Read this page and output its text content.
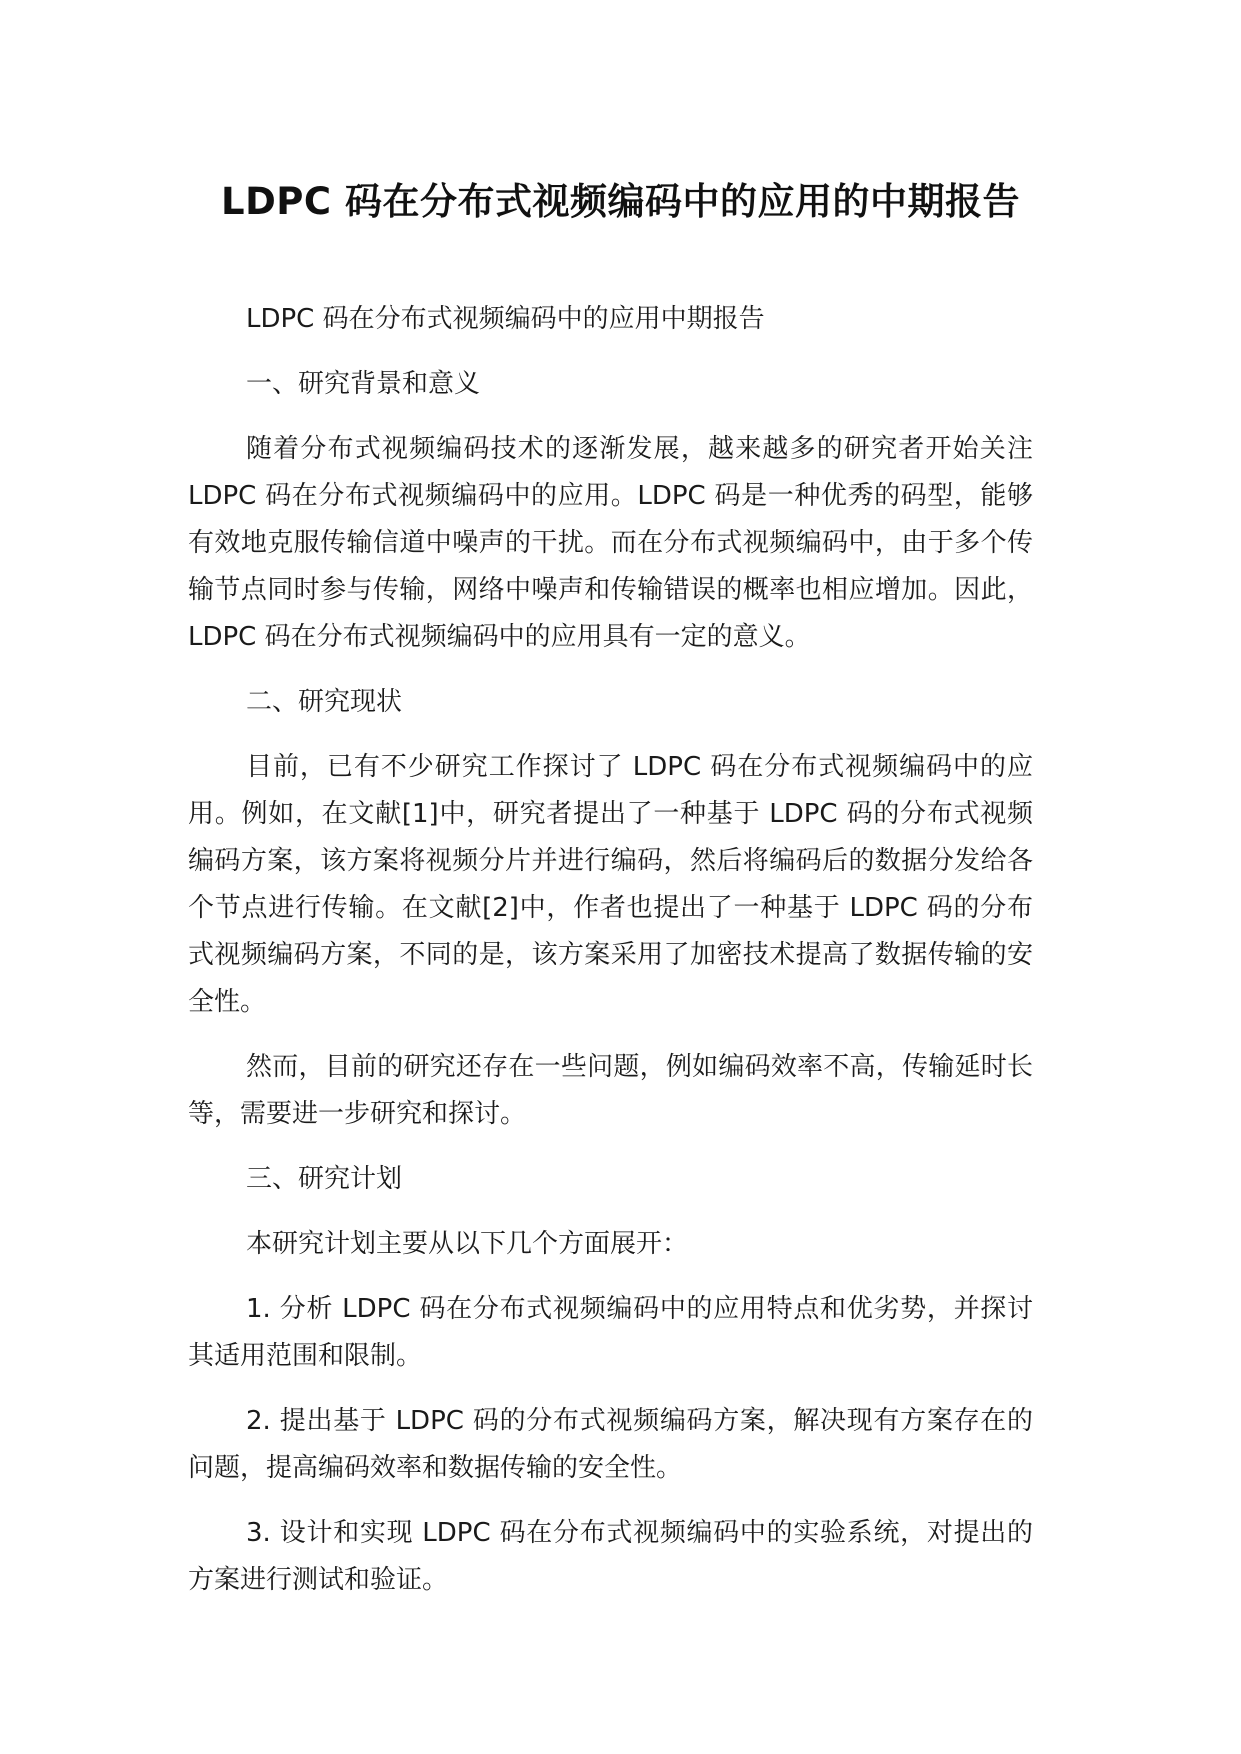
LDPC 码在分布式视频编码中的应用的中期报告

LDPC 码在分布式视频编码中的应用中期报告

一、研究背景和意义

随着分布式视频编码技术的逐渐发展，越来越多的研究者开始关注 LDPC 码在分布式视频编码中的应用。LDPC 码是一种优秀的码型，能够有效地克服传输信道中噪声的干扰。而在分布式视频编码中，由于多个传输节点同时参与传输，网络中噪声和传输错误的概率也相应增加。因此，LDPC 码在分布式视频编码中的应用具有一定的意义。

二、研究现状

目前，已有不少研究工作探讨了 LDPC 码在分布式视频编码中的应用。例如，在文献[1]中，研究者提出了一种基于 LDPC 码的分布式视频编码方案，该方案将视频分片并进行编码，然后将编码后的数据分发给各个节点进行传输。在文献[2]中，作者也提出了一种基于 LDPC 码的分布式视频编码方案，不同的是，该方案采用了加密技术提高了数据传输的安全性。

然而，目前的研究还存在一些问题，例如编码效率不高，传输延时长等，需要进一步研究和探讨。

三、研究计划

本研究计划主要从以下几个方面展开：

1. 分析 LDPC 码在分布式视频编码中的应用特点和优劣势，并探讨其适用范围和限制。

2. 提出基于 LDPC 码的分布式视频编码方案，解决现有方案存在的问题，提高编码效率和数据传输的安全性。

3. 设计和实现 LDPC 码在分布式视频编码中的实验系统，对提出的方案进行测试和验证。
